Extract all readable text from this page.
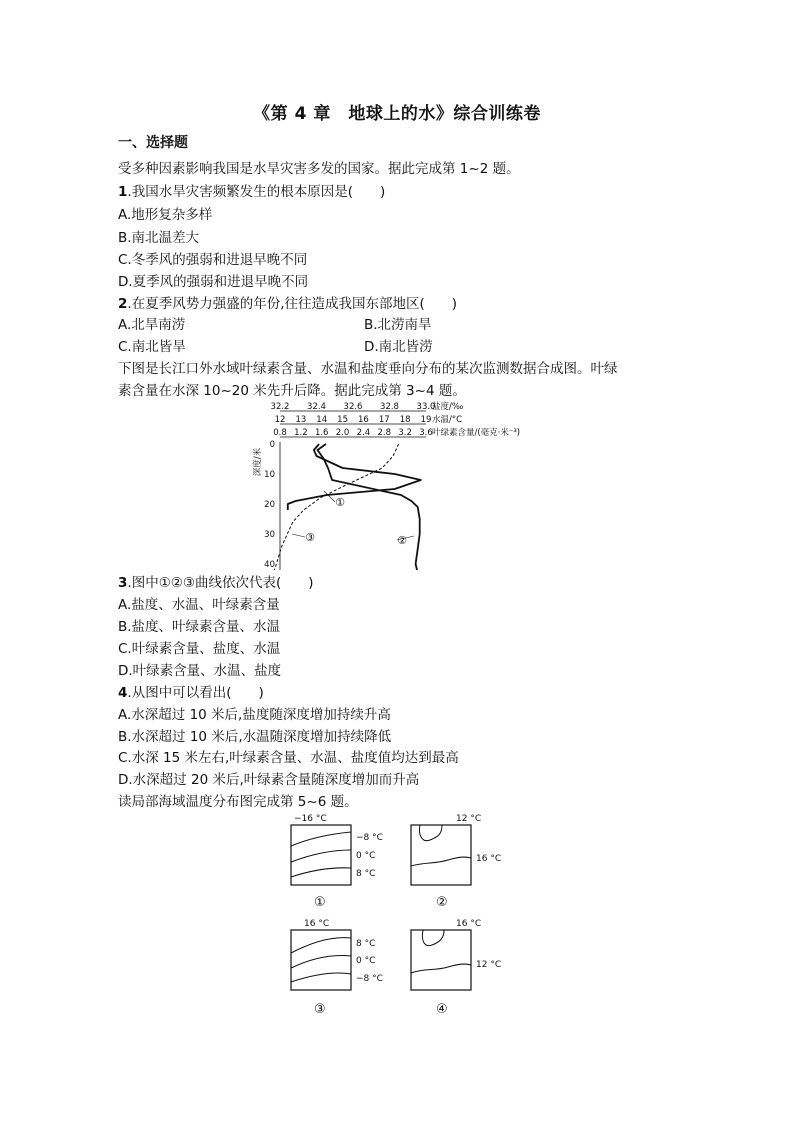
《第 4 章　地球上的水》综合训练卷
一、选择题
受多种因素影响我国是水旱灾害多发的国家。据此完成第 1~2 题。
1.我国水旱灾害频繁发生的根本原因是(　　)
A.地形复杂多样
B.南北温差大
C.冬季风的强弱和进退早晚不同
D.夏季风的强弱和进退早晚不同
2.在夏季风势力强盛的年份,往往造成我国东部地区(　　)
A.北旱南涝	B.北涝南旱
C.南北皆旱	D.南北皆涝
下图是长江口外水域叶绿素含量、水温和盐度垂向分布的某次监测数据合成图。叶绿
素含量在水深 10~20 米先升后降。据此完成第 3~4 题。
32.2 32.4 32.6 32.8 33.0
盐度/‰
12 13 14 15 16 17 18 19 水温/°C
0.8 1.2 1.6 2.0 2.4 2.8 3.2 3.6 叶绿素含量/(毫克·米⁻³)
0
10
20
30
40
深度/米
①
②
③
3.图中①②③曲线依次代表(　　)
A.盐度、水温、叶绿素含量
B.盐度、叶绿素含量、水温
C.叶绿素含量、盐度、水温
D.叶绿素含量、水温、盐度
4.从图中可以看出(　　)
A.水深超过 10 米后,盐度随深度增加持续升高
B.水深超过 10 米后,水温随深度增加持续降低
C.水深 15 米左右,叶绿素含量、水温、盐度值均达到最高
D.水深超过 20 米后,叶绿素含量随深度增加而升高
读局部海域温度分布图完成第 5~6 题。
−16 °C
−8 °C
0 °C
8 °C
①
12 °C
16 °C
②
16 °C
8 °C
0 °C
−8 °C
③
16 °C
12 °C
④
